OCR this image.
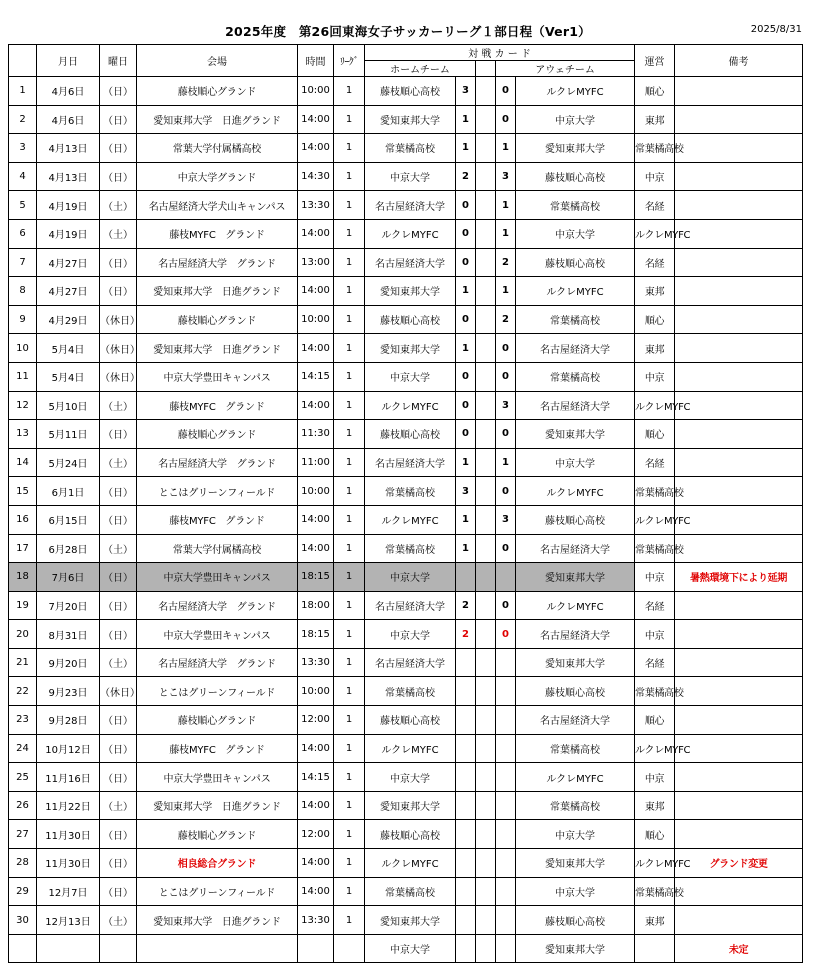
2025年度　第26回東海女子サッカーリーグ１部日程（Ver1）	2025/8/31
	月日	曜日	会場	時間	ﾘｰｸﾞ	対 戦 カ ー ド					運営	備考
						ホームチーム			アウェチーム			
1	4月6日	（日）	藤枝順心グランド	10:00	1	藤枝順心高校	3		0	ルクレMYFC	順心	
2	4月6日	（日）	愛知東邦大学　日進グランド	14:00	1	愛知東邦大学	1		0	中京大学	東邦	
3	4月13日	（日）	常葉大学付属橘高校	14:00	1	常葉橘高校	1		1	愛知東邦大学	常葉橘高校	
4	4月13日	（日）	中京大学グランド	14:30	1	中京大学	2		3	藤枝順心高校	中京	
5	4月19日	（土）	名古屋経済大学犬山キャンパス	13:30	1	名古屋経済大学	0		1	常葉橘高校	名経	
6	4月19日	（土）	藤枝MYFC　グランド	14:00	1	ルクレMYFC	0		1	中京大学	ルクレMYFC	
7	4月27日	（日）	名古屋経済大学　グランド	13:00	1	名古屋経済大学	0		2	藤枝順心高校	名経	
8	4月27日	（日）	愛知東邦大学　日進グランド	14:00	1	愛知東邦大学	1		1	ルクレMYFC	東邦	
9	4月29日	（休日）	藤枝順心グランド	10:00	1	藤枝順心高校	0		2	常葉橘高校	順心	
10	5月4日	（休日）	愛知東邦大学　日進グランド	14:00	1	愛知東邦大学	1		0	名古屋経済大学	東邦	
11	5月4日	（休日）	中京大学豊田キャンパス	14:15	1	中京大学	0		0	常葉橘高校	中京	
12	5月10日	（土）	藤枝MYFC　グランド	14:00	1	ルクレMYFC	0		3	名古屋経済大学	ルクレMYFC	
13	5月11日	（日）	藤枝順心グランド	11:30	1	藤枝順心高校	0		0	愛知東邦大学	順心	
14	5月24日	（土）	名古屋経済大学　グランド	11:00	1	名古屋経済大学	1		1	中京大学	名経	
15	6月1日	（日）	とこはグリーンフィールド	10:00	1	常葉橘高校	3		0	ルクレMYFC	常葉橘高校	
16	6月15日	（日）	藤枝MYFC　グランド	14:00	1	ルクレMYFC	1		3	藤枝順心高校	ルクレMYFC	
17	6月28日	（土）	常葉大学付属橘高校	14:00	1	常葉橘高校	1		0	名古屋経済大学	常葉橘高校	
18	7月6日	（日）	中京大学豊田キャンパス	18:15	1	中京大学				愛知東邦大学	中京	暑熱環境下により延期
19	7月20日	（日）	名古屋経済大学　グランド	18:00	1	名古屋経済大学	2		0	ルクレMYFC	名経	
20	8月31日	（日）	中京大学豊田キャンパス	18:15	1	中京大学	2		0	名古屋経済大学	中京	
21	9月20日	（土）	名古屋経済大学　グランド	13:30	1	名古屋経済大学				愛知東邦大学	名経	
22	9月23日	（休日）	とこはグリーンフィールド	10:00	1	常葉橘高校				藤枝順心高校	常葉橘高校	
23	9月28日	（日）	藤枝順心グランド	12:00	1	藤枝順心高校				名古屋経済大学	順心	
24	10月12日	（日）	藤枝MYFC　グランド	14:00	1	ルクレMYFC				常葉橘高校	ルクレMYFC	
25	11月16日	（日）	中京大学豊田キャンパス	14:15	1	中京大学				ルクレMYFC	中京	
26	11月22日	（土）	愛知東邦大学　日進グランド	14:00	1	愛知東邦大学				常葉橘高校	東邦	
27	11月30日	（日）	藤枝順心グランド	12:00	1	藤枝順心高校				中京大学	順心	
28	11月30日	（日）	相良総合グランド	14:00	1	ルクレMYFC				愛知東邦大学	ルクレMYFC	グランド変更
29	12月7日	（日）	とこはグリーンフィールド	14:00	1	常葉橘高校				中京大学	常葉橘高校	
30	12月13日	（土）	愛知東邦大学　日進グランド	13:30	1	愛知東邦大学				藤枝順心高校	東邦	
						中京大学				愛知東邦大学		未定
